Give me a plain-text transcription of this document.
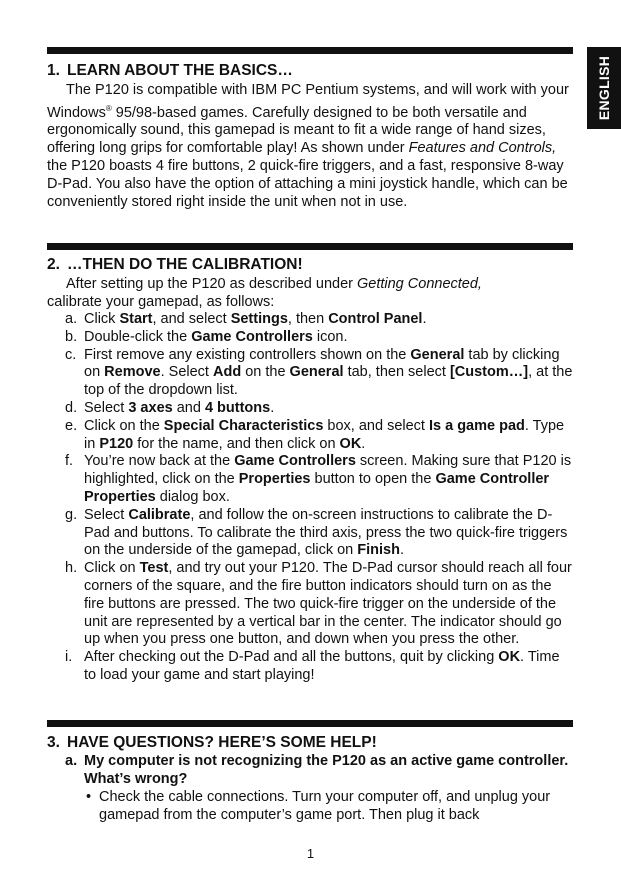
ENGLISH
1. LEARN ABOUT THE BASICS…

The P120 is compatible with IBM PC Pentium systems, and will work with your Windows® 95/98-based games. Carefully designed to be both versatile and ergonomically sound, this gamepad is meant to fit a wide range of hand sizes, offering long grips for comfortable play! As shown under Features and Controls, the P120 boasts 4 fire buttons, 2 quick-fire triggers, and a fast, responsive 8-way D-Pad. You also have the option of attaching a mini joystick handle, which can be conveniently stored right inside the unit when not in use.

2. …THEN DO THE CALIBRATION!

After setting up the P120 as described under Getting Connected,
calibrate your gamepad, as follows:

a. Click Start, and select Settings, then Control Panel.
b. Double-click the Game Controllers icon.
c. First remove any existing controllers shown on the General tab by clicking on Remove. Select Add on the General tab, then select [Custom…], at the top of the dropdown list.
d. Select 3 axes and 4 buttons.
e. Click on the Special Characteristics box, and select Is a game pad. Type in P120 for the name, and then click on OK.
f. You’re now back at the Game Controllers screen. Making sure that P120 is highlighted, click on the Properties button to open the Game Controller Properties dialog box.
g. Select Calibrate, and follow the on-screen instructions to calibrate the D-Pad and buttons. To calibrate the third axis, press the two quick-fire triggers on the underside of the gamepad, click on Finish.
h. Click on Test, and try out your P120. The D-Pad cursor should reach all four corners of the square, and the fire button indicators should turn on as the fire buttons are pressed. The two quick-fire trigger on the underside of the unit are represented by a vertical bar in the center. The indicator should go up when you press one button, and down when you press the other.
i. After checking out the D-Pad and all the buttons, quit by clicking OK. Time to load your game and start playing!
3. HAVE QUESTIONS? HERE’S SOME HELP!
a. My computer is not recognizing the P120 as an active game controller. What’s wrong?
• Check the cable connections. Turn your computer off, and unplug your gamepad from the computer’s game port. Then plug it back
1
